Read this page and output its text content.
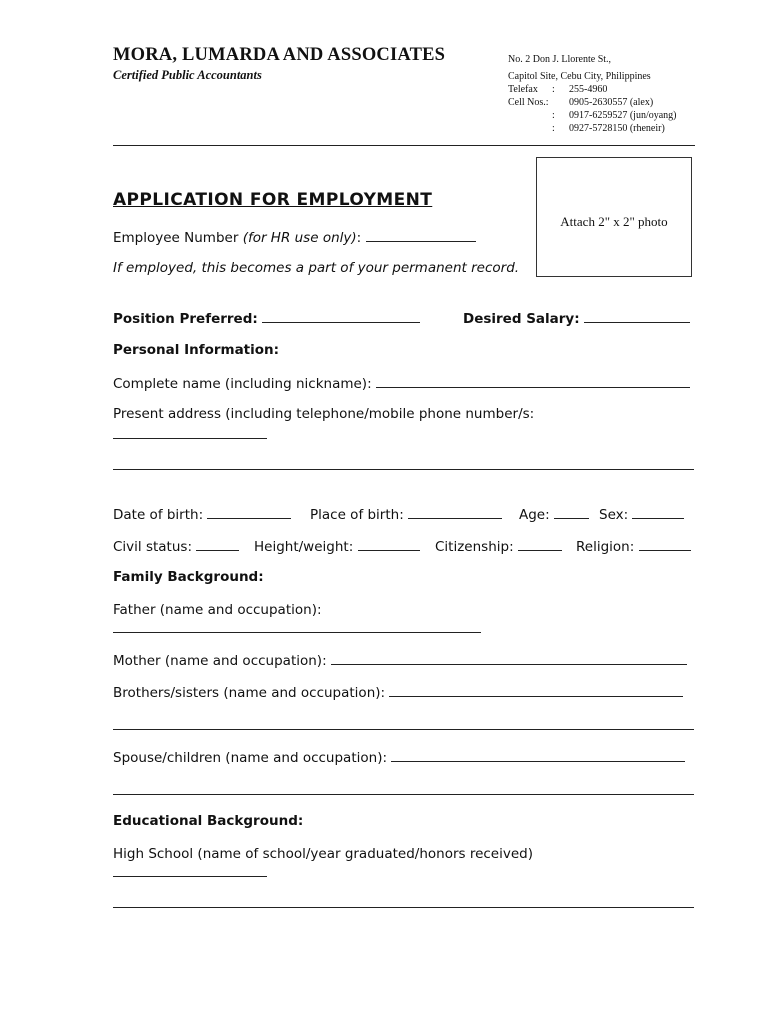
MORA, LUMARDA AND ASSOCIATES
Certified Public Accountants
No. 2 Don J. Llorente St.,
Capitol Site, Cebu City, Philippines
Telefax : 255-4960
Cell Nos.: 0905-2630557 (alex)
: 0917-6259527 (jun/oyang)
: 0927-5728150 (rheneir)
Attach 2" x 2" photo
APPLICATION FOR EMPLOYMENT
Employee Number (for HR use only):
If employed, this becomes a part of your permanent record.
Position Preferred:	Desired Salary:
Personal Information:
Complete name (including nickname):
Present address (including telephone/mobile phone number/s:
Date of birth:	Place of birth:	Age:	Sex:
Civil status:	Height/weight:	Citizenship:	Religion:
Family Background:
Father (name and occupation):
Mother (name and occupation):
Brothers/sisters (name and occupation):
Spouse/children (name and occupation):
Educational Background:
High School (name of school/year graduated/honors received)
